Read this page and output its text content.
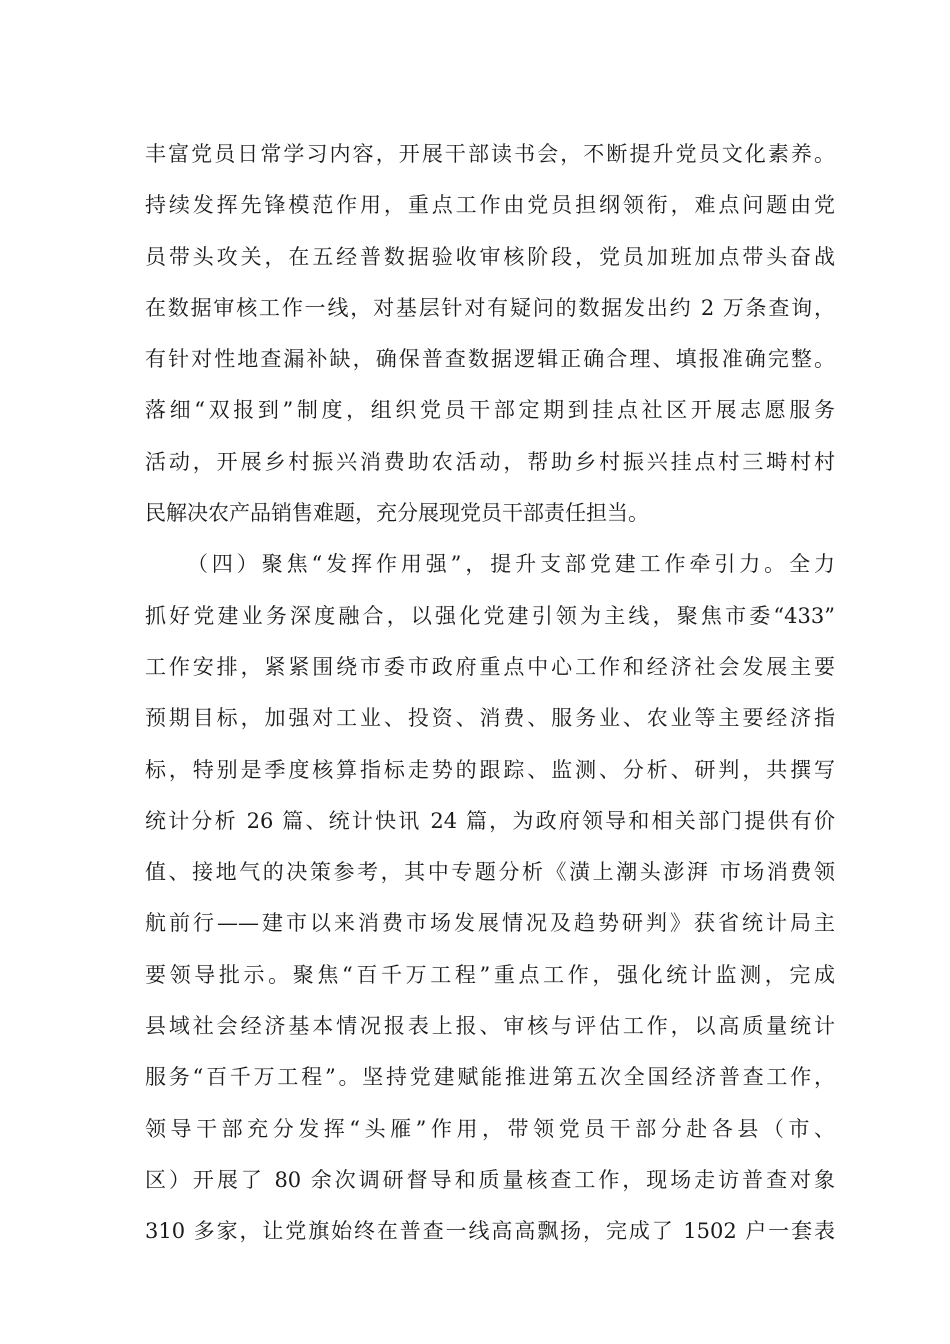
丰富党员日常学习内容，开展干部读书会，不断提升党员文化素养。
持续发挥先锋模范作用，重点工作由党员担纲领衔，难点问题由党
员带头攻关，在五经普数据验收审核阶段，党员加班加点带头奋战
在数据审核工作一线，对基层针对有疑问的数据发出约 2 万条查询，
有针对性地查漏补缺，确保普查数据逻辑正确合理、填报准确完整。
落细“双报到”制度，组织党员干部定期到挂点社区开展志愿服务
活动，开展乡村振兴消费助农活动，帮助乡村振兴挂点村三塒村村
民解决农产品销售难题，充分展现党员干部责任担当。
（四）聚焦“发挥作用强”，提升支部党建工作牵引力。全力
抓好党建业务深度融合，以强化党建引领为主线，聚焦市委“433”
工作安排，紧紧围绕市委市政府重点中心工作和经济社会发展主要
预期目标，加强对工业、投资、消费、服务业、农业等主要经济指
标，特别是季度核算指标走势的跟踪、监测、分析、研判，共撰写
统计分析 26 篇、统计快讯 24 篇，为政府领导和相关部门提供有价
值、接地气的决策参考，其中专题分析《潢上潮头澎湃 市场消费领
航前行——建市以来消费市场发展情况及趋势研判》获省统计局主
要领导批示。聚焦“百千万工程”重点工作，强化统计监测，完成
县域社会经济基本情况报表上报、审核与评估工作，以高质量统计
服务“百千万工程”。坚持党建赋能推进第五次全国经济普查工作，
领导干部充分发挥“头雁”作用，带领党员干部分赴各县（市、
区）开展了 80 余次调研督导和质量核查工作，现场走访普查对象
310 多家，让党旗始终在普查一线高高飘扬，完成了 1502 户一套表
